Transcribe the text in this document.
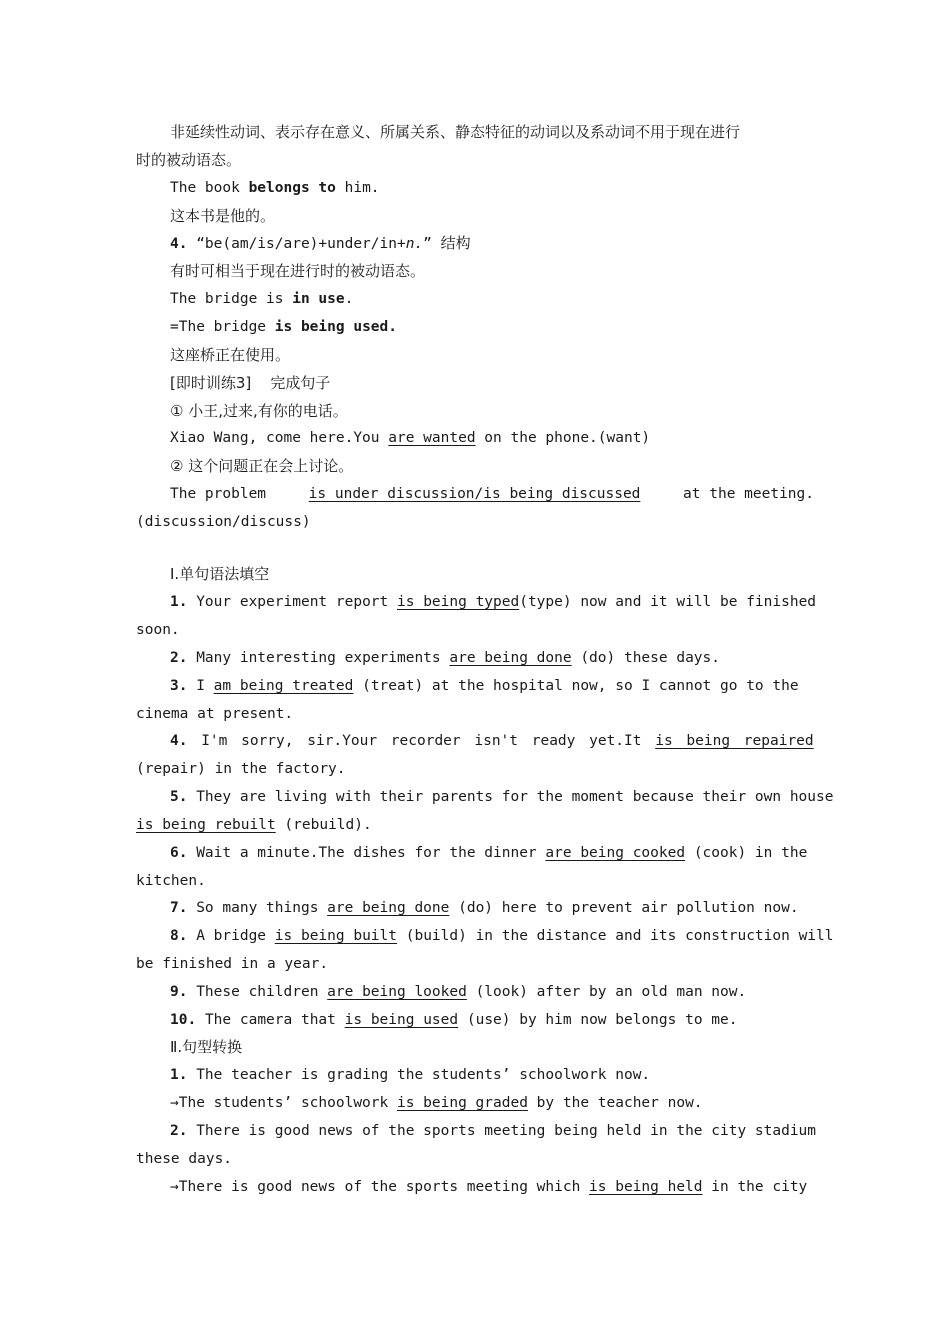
非延续性动词、表示存在意义、所属关系、静态特征的动词以及系动词不用于现在进行
时的被动语态。
The book belongs to him.
这本书是他的。
4. “be(am/is/are)+under/in+n.” 结构
有时可相当于现在进行时的被动语态。
The bridge is in use.
=The bridge is being used.
这座桥正在使用。
[即时训练3] 完成句子
① 小王,过来,有你的电话。
Xiao Wang, come here.You are wanted on the phone.(want)
② 这个问题正在会上讨论。
The problem	is under discussion/is being discussed	at the meeting.
(discussion/discuss)
Ⅰ.单句语法填空
1. Your experiment report is being typed(type) now and it will be finished
soon.
2. Many interesting experiments are being done (do) these days.
3. I am being treated (treat) at the hospital now, so I cannot go to the
cinema at present.
4. I'm sorry, sir.Your recorder isn't ready yet.It is being repaired
(repair) in the factory.
5. They are living with their parents for the moment because their own house
is being rebuilt (rebuild).
6. Wait a minute.The dishes for the dinner are being cooked (cook) in the
kitchen.
7. So many things are being done (do) here to prevent air pollution now.
8. A bridge is being built (build) in the distance and its construction will
be finished in a year.
9. These children are being looked (look) after by an old man now.
10. The camera that is being used (use) by him now belongs to me.
Ⅱ.句型转换
1. The teacher is grading the students’ schoolwork now.
→The students’ schoolwork is being graded by the teacher now.
2. There is good news of the sports meeting being held in the city stadium
these days.
→There is good news of the sports meeting which is being held in the city
